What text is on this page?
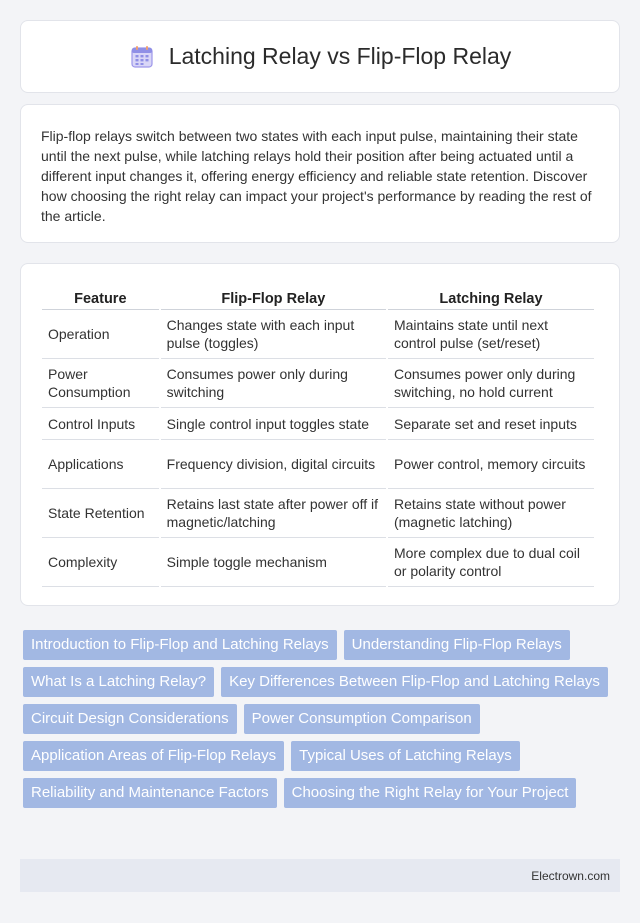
Latching Relay vs Flip-Flop Relay

Flip-flop relays switch between two states with each input pulse, maintaining their state until the next pulse, while latching relays hold their position after being actuated until a different input changes it, offering energy efficiency and reliable state retention. Discover how choosing the right relay can impact your project's performance by reading the rest of the article.

Feature	Flip-Flop Relay	Latching Relay
Operation	Changes state with each input pulse (toggles)	Maintains state until next control pulse (set/reset)
Power Consumption	Consumes power only during switching	Consumes power only during switching, no hold current
Control Inputs	Single control input toggles state	Separate set and reset inputs
Applications	Frequency division, digital circuits	Power control, memory circuits
State Retention	Retains last state after power off if magnetic/latching	Retains state without power (magnetic latching)
Complexity	Simple toggle mechanism	More complex due to dual coil or polarity control
Introduction to Flip-Flop and Latching Relays	Understanding Flip-Flop Relays
What Is a Latching Relay?	Key Differences Between Flip-Flop and Latching Relays
Circuit Design Considerations	Power Consumption Comparison
Application Areas of Flip-Flop Relays	Typical Uses of Latching Relays
Reliability and Maintenance Factors	Choosing the Right Relay for Your Project
Electrown.com
